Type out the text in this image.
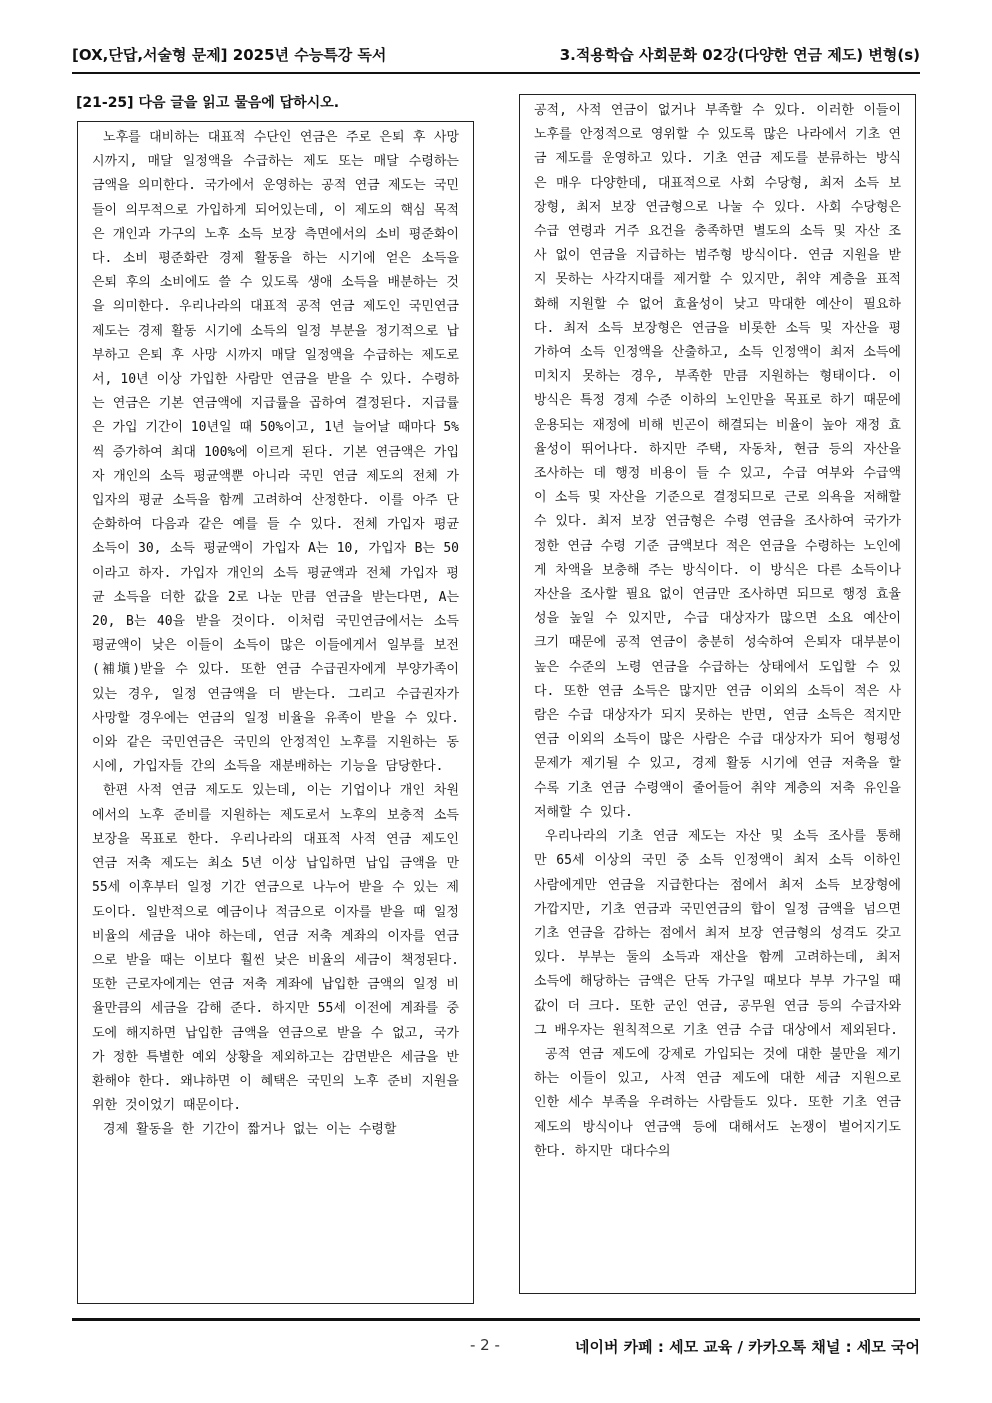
[OX,단답,서술형 문제] 2025년 수능특강 독서	3.적용학습 사회문화 02강(다양한 연금 제도) 변형(s)
[21-25] 다음 글을 읽고 물음에 답하시오.

노후를 대비하는 대표적 수단인 연금은 주로 은퇴 후 사망 시까지, 매달 일정액을 수급하는 제도 또는 매달 수령하는 금액을 의미한다. 국가에서 운영하는 공적 연금 제도는 국민들이 의무적으로 가입하게 되어있는데, 이 제도의 핵심 목적은 개인과 가구의 노후 소득 보장 측면에서의 소비 평준화이다. 소비 평준화란 경제 활동을 하는 시기에 얻은 소득을 은퇴 후의 소비에도 쓸 수 있도록 생애 소득을 배분하는 것을 의미한다. 우리나라의 대표적 공적 연금 제도인 국민연금 제도는 경제 활동 시기에 소득의 일정 부분을 정기적으로 납부하고 은퇴 후 사망 시까지 매달 일정액을 수급하는 제도로서, 10년 이상 가입한 사람만 연금을 받을 수 있다. 수령하는 연금은 기본 연금액에 지급률을 곱하여 결정된다. 지급률은 가입 기간이 10년일 때 50%이고, 1년 늘어날 때마다 5%씩 증가하여 최대 100%에 이르게 된다. 기본 연금액은 가입자 개인의 소득 평균액뿐 아니라 국민 연금 제도의 전체 가입자의 평균 소득을 함께 고려하여 산정한다. 이를 아주 단순화하여 다음과 같은 예를 들 수 있다. 전체 가입자 평균 소득이 30, 소득 평균액이 가입자 A는 10, 가입자 B는 50이라고 하자. 가입자 개인의 소득 평균액과 전체 가입자 평균 소득을 더한 값을 2로 나눈 만큼 연금을 받는다면, A는 20, B는 40을 받을 것이다. 이처럼 국민연금에서는 소득 평균액이 낮은 이들이 소득이 많은 이들에게서 일부를 보전(補塡)받을 수 있다. 또한 연금 수급권자에게 부양가족이 있는 경우, 일정 연금액을 더 받는다. 그리고 수급권자가 사망할 경우에는 연금의 일정 비율을 유족이 받을 수 있다. 이와 같은 국민연금은 국민의 안정적인 노후를 지원하는 동시에, 가입자들 간의 소득을 재분배하는 기능을 담당한다.

한편 사적 연금 제도도 있는데, 이는 기업이나 개인 차원에서의 노후 준비를 지원하는 제도로서 노후의 보충적 소득 보장을 목표로 한다. 우리나라의 대표적 사적 연금 제도인 연금 저축 제도는 최소 5년 이상 납입하면 납입 금액을 만 55세 이후부터 일정 기간 연금으로 나누어 받을 수 있는 제도이다. 일반적으로 예금이나 적금으로 이자를 받을 때 일정 비율의 세금을 내야 하는데, 연금 저축 계좌의 이자를 연금으로 받을 때는 이보다 훨씬 낮은 비율의 세금이 책정된다. 또한 근로자에게는 연금 저축 계좌에 납입한 금액의 일정 비율만큼의 세금을 감해 준다. 하지만 55세 이전에 계좌를 중도에 해지하면 납입한 금액을 연금으로 받을 수 없고, 국가가 정한 특별한 예외 상황을 제외하고는 감면받은 세금을 반환해야 한다. 왜냐하면 이 혜택은 국민의 노후 준비 지원을 위한 것이었기 때문이다.

경제 활동을 한 기간이 짧거나 없는 이는 수령할

공적, 사적 연금이 없거나 부족할 수 있다. 이러한 이들이 노후를 안정적으로 영위할 수 있도록 많은 나라에서 기초 연금 제도를 운영하고 있다. 기초 연금 제도를 분류하는 방식은 매우 다양한데, 대표적으로 사회 수당형, 최저 소득 보장형, 최저 보장 연금형으로 나눌 수 있다. 사회 수당형은 수급 연령과 거주 요건을 충족하면 별도의 소득 및 자산 조사 없이 연금을 지급하는 범주형 방식이다. 연금 지원을 받지 못하는 사각지대를 제거할 수 있지만, 취약 계층을 표적화해 지원할 수 없어 효율성이 낮고 막대한 예산이 필요하다. 최저 소득 보장형은 연금을 비롯한 소득 및 자산을 평가하여 소득 인정액을 산출하고, 소득 인정액이 최저 소득에 미치지 못하는 경우, 부족한 만큼 지원하는 형태이다. 이 방식은 특정 경제 수준 이하의 노인만을 목표로 하기 때문에 운용되는 재정에 비해 빈곤이 해결되는 비율이 높아 재정 효율성이 뛰어나다. 하지만 주택, 자동차, 현금 등의 자산을 조사하는 데 행정 비용이 들 수 있고, 수급 여부와 수급액이 소득 및 자산을 기준으로 결정되므로 근로 의욕을 저해할 수 있다. 최저 보장 연금형은 수령 연금을 조사하여 국가가 정한 연금 수령 기준 금액보다 적은 연금을 수령하는 노인에게 차액을 보충해 주는 방식이다. 이 방식은 다른 소득이나 자산을 조사할 필요 없이 연금만 조사하면 되므로 행정 효율성을 높일 수 있지만, 수급 대상자가 많으면 소요 예산이 크기 때문에 공적 연금이 충분히 성숙하여 은퇴자 대부분이 높은 수준의 노령 연금을 수급하는 상태에서 도입할 수 있다. 또한 연금 소득은 많지만 연금 이외의 소득이 적은 사람은 수급 대상자가 되지 못하는 반면, 연금 소득은 적지만 연금 이외의 소득이 많은 사람은 수급 대상자가 되어 형평성 문제가 제기될 수 있고, 경제 활동 시기에 연금 저축을 할수록 기초 연금 수령액이 줄어들어 취약 계층의 저축 유인을 저해할 수 있다.

우리나라의 기초 연금 제도는 자산 및 소득 조사를 통해 만 65세 이상의 국민 중 소득 인정액이 최저 소득 이하인 사람에게만 연금을 지급한다는 점에서 최저 소득 보장형에 가깝지만, 기초 연금과 국민연금의 합이 일정 금액을 넘으면 기초 연금을 감하는 점에서 최저 보장 연금형의 성격도 갖고 있다. 부부는 둘의 소득과 재산을 함께 고려하는데, 최저 소득에 해당하는 금액은 단독 가구일 때보다 부부 가구일 때 값이 더 크다. 또한 군인 연금, 공무원 연금 등의 수급자와 그 배우자는 원칙적으로 기초 연금 수급 대상에서 제외된다.

공적 연금 제도에 강제로 가입되는 것에 대한 불만을 제기하는 이들이 있고, 사적 연금 제도에 대한 세금 지원으로 인한 세수 부족을 우려하는 사람들도 있다. 또한 기초 연금 제도의 방식이나 연금액 등에 대해서도 논쟁이 벌어지기도 한다. 하지만 대다수의

- 2 -	네이버 카페 : 세모 교육 / 카카오톡 채널 : 세모 국어
